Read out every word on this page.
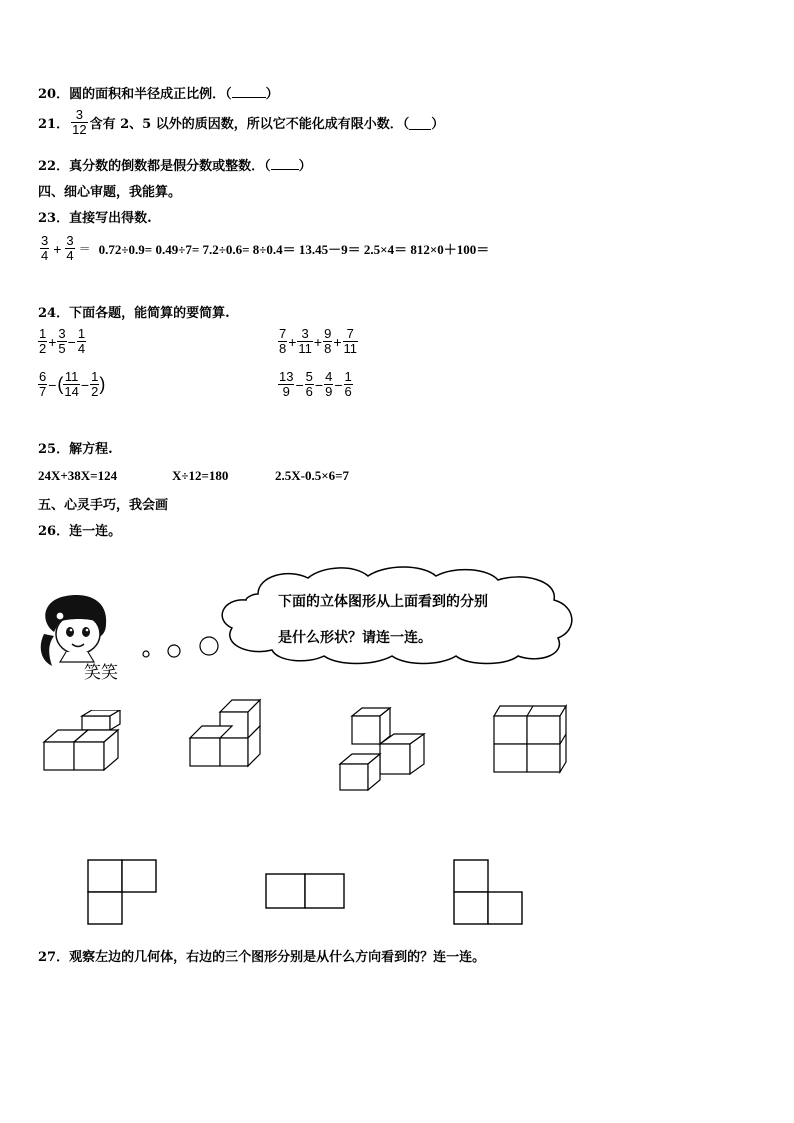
20．圆的面积和半径成正比例．（	）
21． $\frac{3}{12}$ 含有 2、5 以外的质因数，所以它不能化成有限小数．（ ）
22．真分数的倒数都是假分数或整数．（ ）
四、细心审题，我能算。
23．直接写出得数.
$\frac{3}{4} + \frac{3}{4} = 0.72\div 0.9= 0.49\div 7= 7.2\div 0.6= 8\div 0.4= 13.45-9= 2.5\times 4= 812\times 0+100=$
24．下面各题，能简算的要简算.
$\frac{1}{2} + \frac{3}{5} - \frac{1}{4}$
$\frac{6}{7}$ − ( $\frac{11}{14} - \frac{1}{2}$ )
$\frac{7}{8} + \frac{3}{11} + \frac{9}{8} + \frac{7}{11}$
$\frac{13}{9} - \frac{5}{6} - \frac{4}{9} - \frac{1}{6}$
25．解方程.
24X+38X=124	X÷12=180	2.5X-0.5×6=7
五、心灵手巧，我会画
26．连一连。
笑笑
下面的立体图形从上面看到的分别
是什么形状？请连一连。
27．观察左边的几何体，右边的三个图形分别是从什么方向看到的？连一连。
